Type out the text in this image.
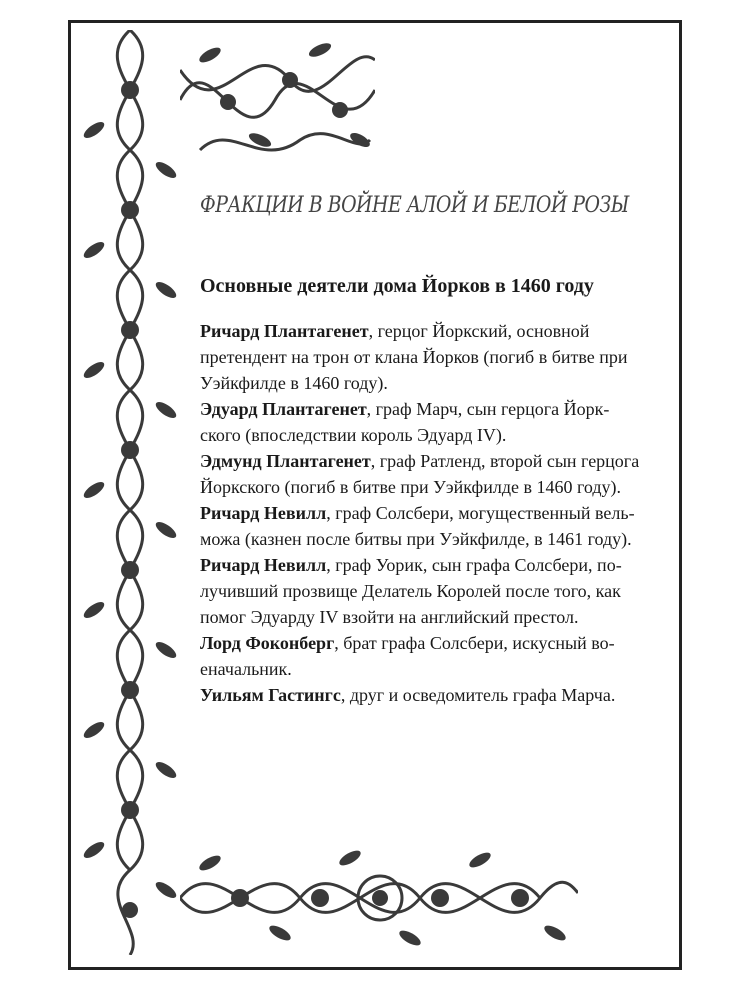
ФРАКЦИИ В ВОЙНЕ АЛОЙ И БЕЛОЙ РОЗЫ
Основные деятели дома Йорков в 1460 году

Ричард Плантагенет, герцог Йоркский, основной
претендент на трон от клана Йорков (погиб в битве при
Уэйкфилде в 1460 году).

Эдуард Плантагенет, граф Марч, сын герцога Йорк-
ского (впоследствии король Эдуард IV).

Эдмунд Плантагенет, граф Ратленд, второй сын герцога
Йоркского (погиб в битве при Уэйкфилде в 1460 году).

Ричард Невилл, граф Солсбери, могущественный вель-
можа (казнен после битвы при Уэйкфилде, в 1461 году).

Ричард Невилл, граф Уорик, сын графа Солсбери, по-
лучивший прозвище Делатель Королей после того, как
помог Эдуарду IV взойти на английский престол.

Лорд Фоконберг, брат графа Солсбери, искусный во-
еначальник.

Уильям Гастингс, друг и осведомитель графа Марча.
